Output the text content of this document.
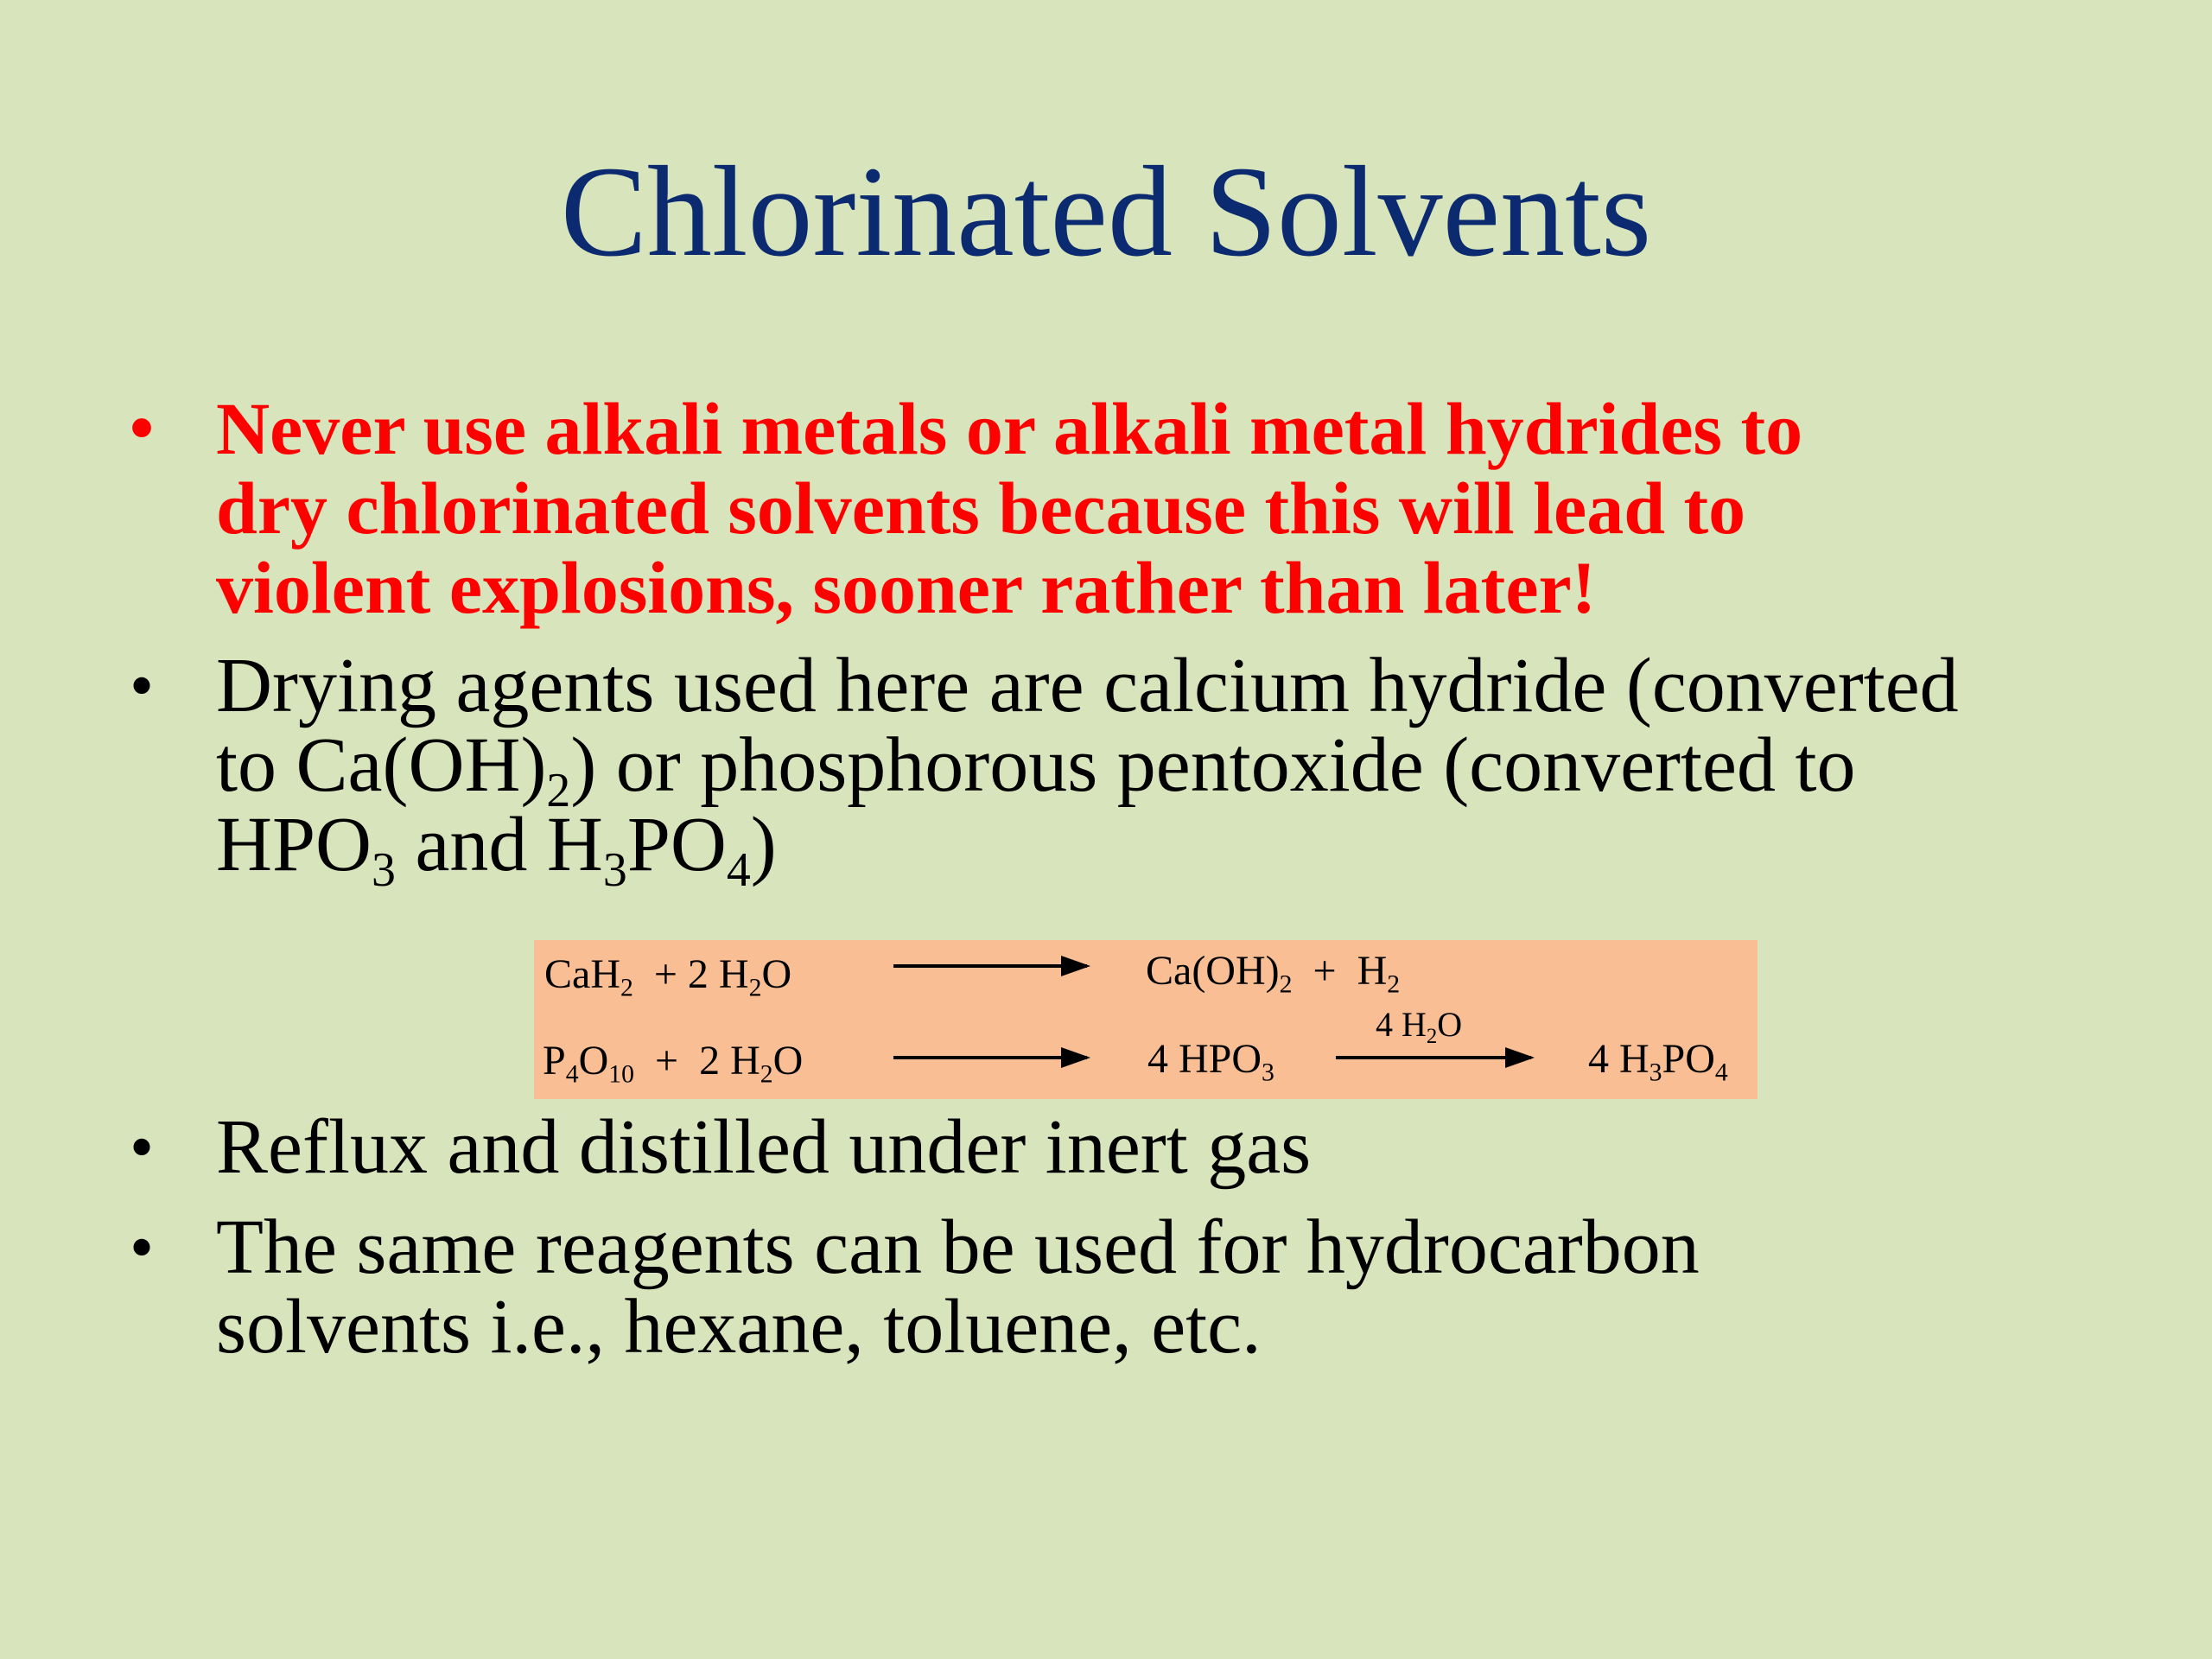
Chlorinated Solvents
• Never use alkali metals or alkali metal hydrides to
dry chlorinated solvents because this will lead to
violent explosions, sooner rather than later!
• Drying agents used here are calcium hydride (converted
to $Ca(OH)_2$) or phosphorous pentoxide (converted to
$HPO_3$ and $H_3PO_4$)
CaH$_2$  + 2 $H_2O$	$Ca(OH)_2 + H_2$
$P_4O_{10} + 2$ $H_2O$	4 $HPO_3$
4 $H_2O$
4 $H_3PO_4$
• Reflux and distilled under inert gas
• The same reagents can be used for hydrocarbon
solvents i.e., hexane, toluene, etc.
